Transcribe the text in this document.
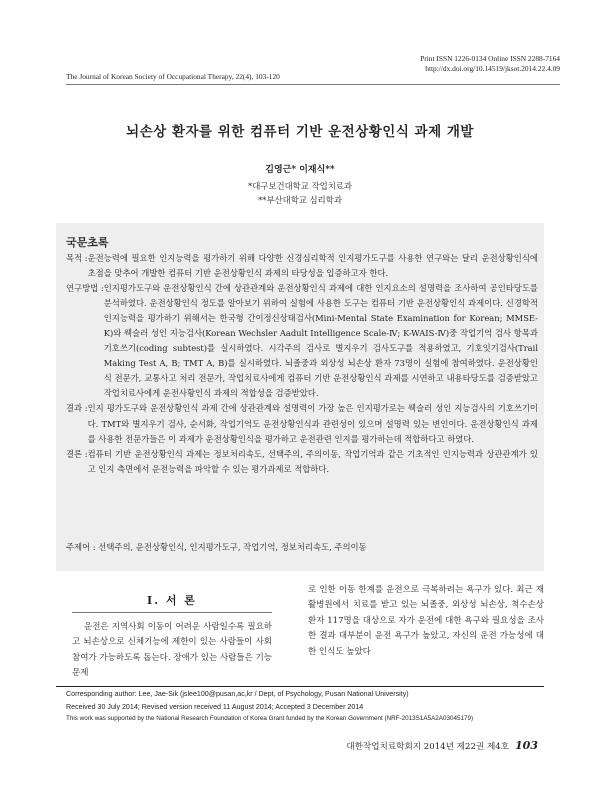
Print ISSN 1226-0134 Online ISSN 2288-7164
http://dx.doi.org/10.14519/jksot.2014.22.4.09
The Journal of Korean Society of Occupational Therapy, 22(4), 103-120
뇌손상 환자를 위한 컴퓨터 기반 운전상황인식 과제 개발
김영근* 이재식**
*대구보건대학교 작업치료과
**부산대학교 심리학과
국문초록
목적 : 운전능력에 필요한 인지능력을 평가하기 위해 다양한 신경심리학적 인지평가도구를 사용한 연구와는 달리 운전상황인식에 초점을 맞추어 개발한 컴퓨터 기반 운전상황인식 과제의 타당성을 입증하고자 한다.
연구방법 : 인지평가도구와 운전상황인식 간에 상관관계와 운전상황인식 과제에 대한 인지요소의 설명력을 조사하여 공인타당도를 분석하였다. 운전상황인식 정도를 알아보기 위하여 실험에 사용한 도구는 컴퓨터 기반 운전상황인식 과제이다. 신경학적 인지능력을 평가하기 위해서는 한국형 간이정신상태검사(Mini-Mental State Examination for Korean; MMSE-K)와 웩슬러 성인 지능검사(Korean Wechsler Aadult Intelligence Scale-Ⅳ; K-WAIS-Ⅳ)중 작업기억 검사 항목과 기호쓰기(coding subtest)를 실시하였다. 시각주의 검사로 별지우기 검사도구를 적용하였고, 기호잇기검사(Trail Making Test A, B; TMT A, B)를 실시하였다. 뇌졸중과 외상성 뇌손상 환자 73명이 실험에 참여하였다. 운전상황인식 전문가, 교통사고 처리 전문가, 작업치료사에게 컴퓨터 기반 운전상황인식 과제를 시연하고 내용타당도를 검증받았고 작업치료사에게 운전사황인식 과제의 적합성을 검증받았다.
결과 : 인지 평가도구와 운전상황인식 과제 간에 상관관계와 설명력이 가장 높은 인지평가로는 웩슬러 성인 지능검사의 기호쓰기이다. TMT와 별지우기 검사, 순서화, 작업기억도 운전상황인식과 관련성이 있으며 설명력 있는 변인이다. 운전상황인식 과제를 사용한 전문가들은 이 과제가 운전상황인식을 평가하고 운전관련 인지를 평가하는데 적합하다고 하였다.
결론 : 컴퓨터 기반 운전상황인식 과제는 정보처리속도, 선택주의, 주의이동, 작업기억과 같은 기초적인 인지능력과 상관관계가 있고 인지 측면에서 운전능력을 파악할 수 있는 평가과제로 적합하다.
주제어 : 선택주의, 운전상황인식, 인지평가도구, 작업기억, 정보처리속도, 주의이동
Ⅰ. 서 론
운전은 지역사회 이동이 어려운 사람일수록 필요하고 뇌손상으로 신체기능에 제한이 있는 사람들이 사회 참여가 가능하도록 돕는다. 장애가 있는 사람들은 기능 문제
로 인한 이동 한계를 운전으로 극복하려는 욕구가 있다. 최근 재활병원에서 치료를 받고 있는 뇌졸중, 외상성 뇌손상, 척수손상 환자 117명을 대상으로 자가 운전에 대한 욕구와 필요성을 조사한 결과 대부분이 운전 욕구가 높았고, 자신의 운전 가능성에 대한 인식도 높았다
Corresponding author: Lee, Jae-Sik (jslee100@pusan,ac,kr / Dept, of Psychology, Pusan National University)
Received 30 July 2014; Revised version received 11 August 2014; Accepted 3 December 2014
This work was supported by the National Research Foundation of Korea Grant funded by the Korean Government (NRF-2013S1A5A2A03045179)
대한작업치료학회지 2014년 제22권 제4호 103
